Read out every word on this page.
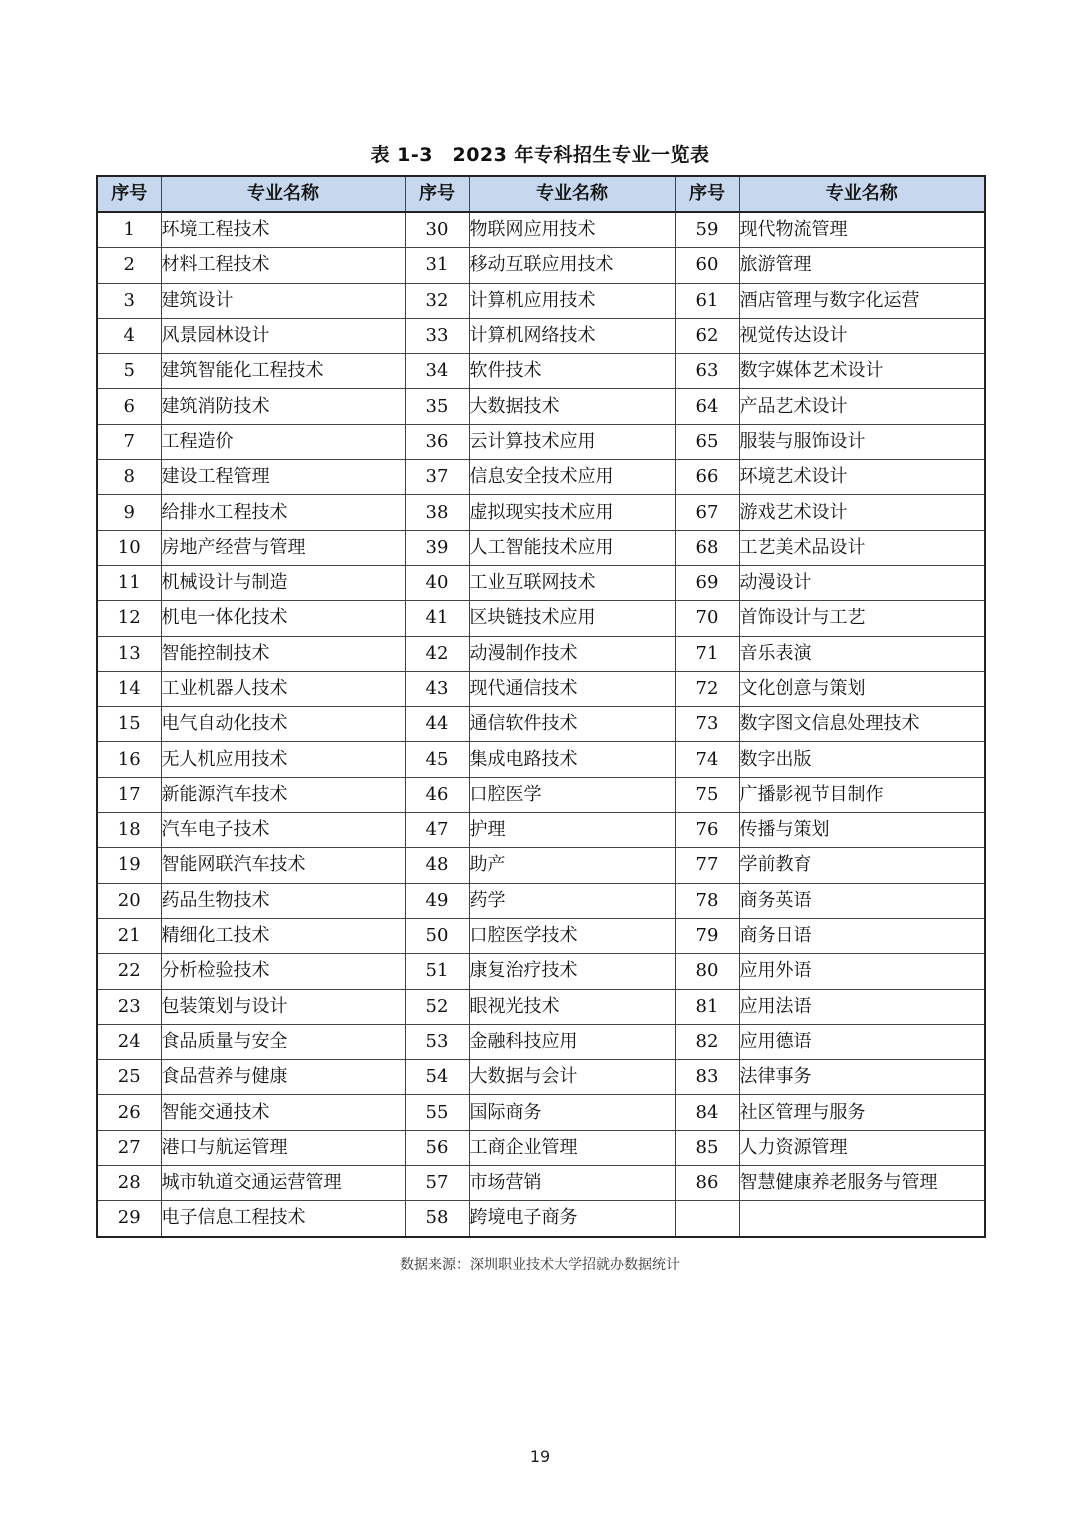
表 1-3　2023 年专科招生专业一览表
序号	专业名称	序号	专业名称	序号	专业名称
1	环境工程技术	30	物联网应用技术	59	现代物流管理
2	材料工程技术	31	移动互联应用技术	60	旅游管理
3	建筑设计	32	计算机应用技术	61	酒店管理与数字化运营
4	风景园林设计	33	计算机网络技术	62	视觉传达设计
5	建筑智能化工程技术	34	软件技术	63	数字媒体艺术设计
6	建筑消防技术	35	大数据技术	64	产品艺术设计
7	工程造价	36	云计算技术应用	65	服装与服饰设计
8	建设工程管理	37	信息安全技术应用	66	环境艺术设计
9	给排水工程技术	38	虚拟现实技术应用	67	游戏艺术设计
10	房地产经营与管理	39	人工智能技术应用	68	工艺美术品设计
11	机械设计与制造	40	工业互联网技术	69	动漫设计
12	机电一体化技术	41	区块链技术应用	70	首饰设计与工艺
13	智能控制技术	42	动漫制作技术	71	音乐表演
14	工业机器人技术	43	现代通信技术	72	文化创意与策划
15	电气自动化技术	44	通信软件技术	73	数字图文信息处理技术
16	无人机应用技术	45	集成电路技术	74	数字出版
17	新能源汽车技术	46	口腔医学	75	广播影视节目制作
18	汽车电子技术	47	护理	76	传播与策划
19	智能网联汽车技术	48	助产	77	学前教育
20	药品生物技术	49	药学	78	商务英语
21	精细化工技术	50	口腔医学技术	79	商务日语
22	分析检验技术	51	康复治疗技术	80	应用外语
23	包装策划与设计	52	眼视光技术	81	应用法语
24	食品质量与安全	53	金融科技应用	82	应用德语
25	食品营养与健康	54	大数据与会计	83	法律事务
26	智能交通技术	55	国际商务	84	社区管理与服务
27	港口与航运管理	56	工商企业管理	85	人力资源管理
28	城市轨道交通运营管理	57	市场营销	86	智慧健康养老服务与管理
29	电子信息工程技术	58	跨境电子商务		
数据来源：深圳职业技术大学招就办数据统计
19
